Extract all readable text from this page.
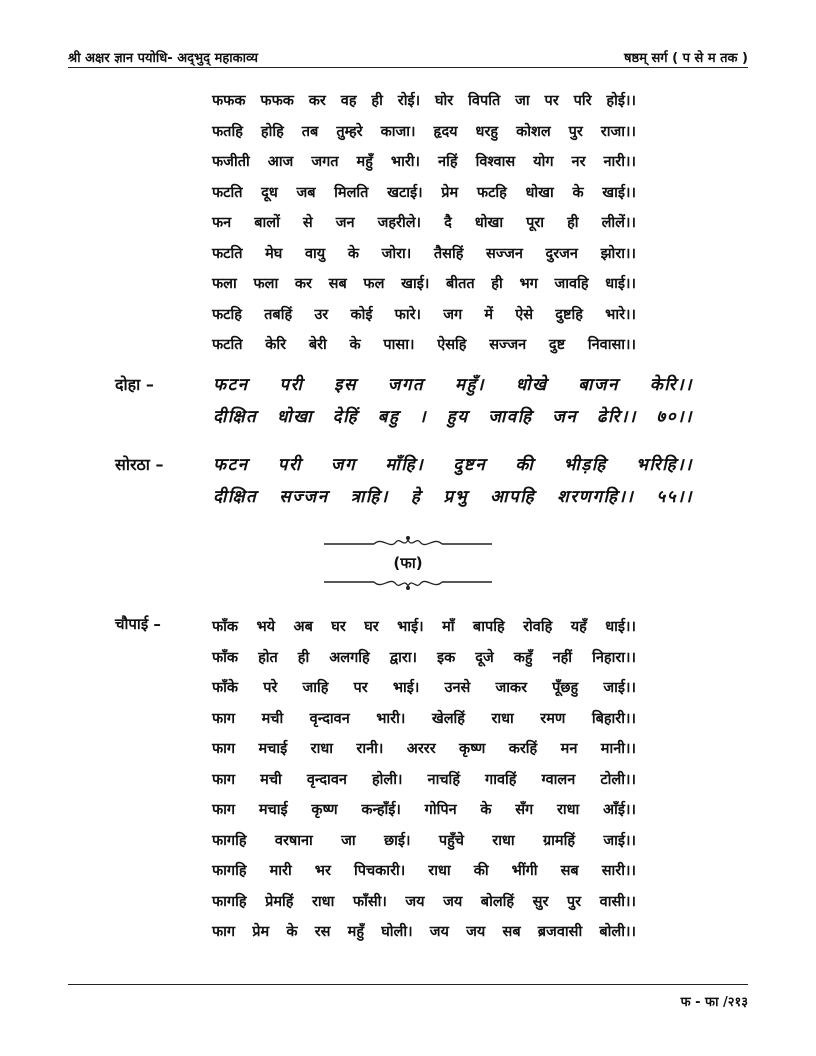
श्री अक्षर ज्ञान पयोधि- अद्‌भुद्‌ महाकाव्य	षष्ठम्‌ सर्ग ( प से म तक )
फफक फफक कर वह ही रोई। घोर विपति जा पर परि होई।।
फतहि होहि तब तुम्हरे काजा। हृदय धरहु कोशल पुर राजा।।
फजीती आज जगत महुँ भारी। नहिं विश्वास योग नर नारी।।
फटति दूध जब मिलति खटाई। प्रेम फटहि धोखा के खाई।।
फन बालों से जन जहरीले। दै धोखा पूरा ही लीलें।।
फटति मेघ वायु के जोरा। तैसहिं सज्जन दुरजन झोरा।।
फला फला कर सब फल खाई। बीतत ही भग जावहि धाई।।
फटहि तबहिं उर कोई फारे। जग में ऐसे दुष्टहि भारे।।
फटति केरि बेरी के पासा। ऐसहि सज्जन दुष्ट निवासा।।
दोहा –	फटन परी इस जगत महुँ। धोखे बाजन केरि।।
दीक्षित धोखा देहिं बहु । हुय जावहि जन ढेरि।। ७०।।
सोरठा –	फटन परी जग माँहि। दुष्टन की भीड़हि भरिहि।।
दीक्षित सज्जन त्राहि। हे प्रभु आपहि शरणगहि।। ५५।।
(फा)
चौपाई –	फाँक भये अब घर घर भाई। माँ बापहि रोवहि यहँ धाई।।
फाँक होत ही अलगहि द्वारा। इक दूजे कहुँ नहीं निहारा।।
फाँके परे जाहि पर भाई। उनसे जाकर पूँछहु जाई।।
फाग मची वृन्दावन भारी। खेलहिं राधा रमण बिहारी।।
फाग मचाई राधा रानी। अररर कृष्ण करहिं मन मानी।।
फाग मची वृन्दावन होली। नाचहिं गावहिं ग्वालन टोली।।
फाग मचाई कृष्ण कन्हाँई। गोपिन के सँग राधा आँई।।
फागहि वरषाना जा छाई। पहुँचे राधा ग्रामहिं जाई।।
फागहि मारी भर पिचकारी। राधा की भींगी सब सारी।।
फागहि प्रेमहिं राधा फाँसी। जय जय बोलहिं सुर पुर वासी।।
फाग प्रेम के रस महुँ घोली। जय जय सब ब्रजवासी बोली।।
फ - फा /२१३
